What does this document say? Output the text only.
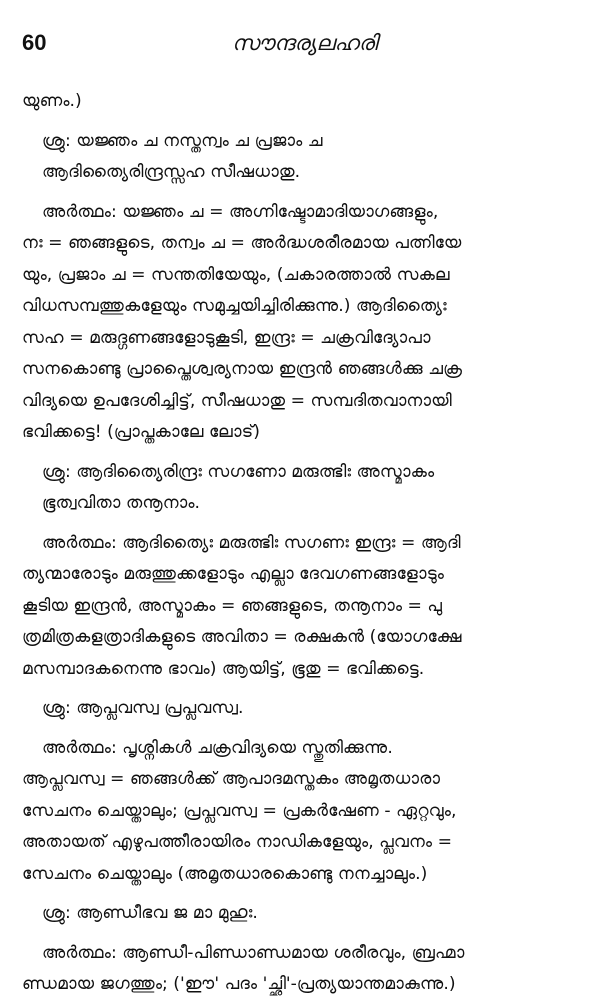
60	സൗന്ദര്യലഹരി
യുണം.)
ശ്രു: യജ്ഞം ച നസ്തന്വം ച പ്രജാം ച
ആദിത്യൈരിന്ദ്രസ്സഹ സീഷധാതു.
അർത്ഥം: യജ്ഞം ച = അഗ്നിഷ്ടോമാദിയാഗങ്ങളും,
നഃ = ഞങ്ങളുടെ, തന്വം ച = അർദ്ധശരീരമായ പത്നിയേ
യും, പ്രജാം ച = സന്തതിയേയും, (ചകാരത്താൽ സകല
വിധസമ്പത്തുകളേയും സമുച്ചയിച്ചിരിക്കുന്നു.) ആദിത്യൈഃ
സഹ = മരുദ്ഗണങ്ങളോടുകൂടി, ഇന്ദ്രഃ = ചക്രവിദ്യോപാ
സനകൊണ്ടു പ്രാപ്തൈശ്വര്യനായ ഇന്ദ്രൻ ഞങ്ങൾക്കു ചക്ര
വിദ്യയെ ഉപദേശിച്ചിട്ട്, സീഷധാതു = സമ്പദിതവാനായി
ഭവിക്കട്ടെ! (പ്രാപ്തകാലേ ലോട്)
ശ്രു: ആദിത്യൈരിന്ദ്രഃ സഗണോ മരുത്ഭിഃ അസ്മാകം
ഭൂത്വവിതാ തനൂനാം.
അർത്ഥം: ആദിത്യൈഃ മരുത്ഭിഃ സഗണഃ ഇന്ദ്രഃ = ആദി
ത്യന്മാരോടും മരുത്തുക്കളോടും എല്ലാ ദേവഗണങ്ങളോടും
കൂടിയ ഇന്ദ്രൻ, അസ്മാകം = ഞങ്ങളുടെ, തനൂനാം = പു
ത്രമിത്രകളത്രാദികളുടെ അവിതാ = രക്ഷകൻ (യോഗക്ഷേ
മസമ്പാദകനെന്നു ഭാവം) ആയിട്ട്, ഭൂതു = ഭവിക്കട്ടെ.
ശ്രു: ആപ്ലവസ്വ പ്രപ്ലവസ്വ.
അർത്ഥം: പൃശ്നികൾ ചക്രവിദ്യയെ സ്തുതിക്കുന്നു.
ആപ്ലവസ്വ = ഞങ്ങൾക്ക് ആപാദമസ്തകം അമൃതധാരാ
സേചനം ചെയ്താലും; പ്രപ്ലവസ്വ = പ്രകർഷേണ - ഏറ്റവും,
അതായത് എഴുപത്തീരായിരം നാഡികളേയും, പ്ലവനം =
സേചനം ചെയ്താലും (അമൃതധാരകൊണ്ടു നനച്ചാലും.)
ശ്രു: ആണ്ഡീഭവ ജ മാ മുഹുഃ.
അർത്ഥം: ആണ്ഡീ-പിണ്ഡാണ്ഡമായ ശരീരവും, ബ്രഹ്മാ
ണ്ഡമായ ജഗത്തും; ('ഈ' പദം 'ച്ഛി'-പ്രത്യയാന്തമാകുന്നു.)
